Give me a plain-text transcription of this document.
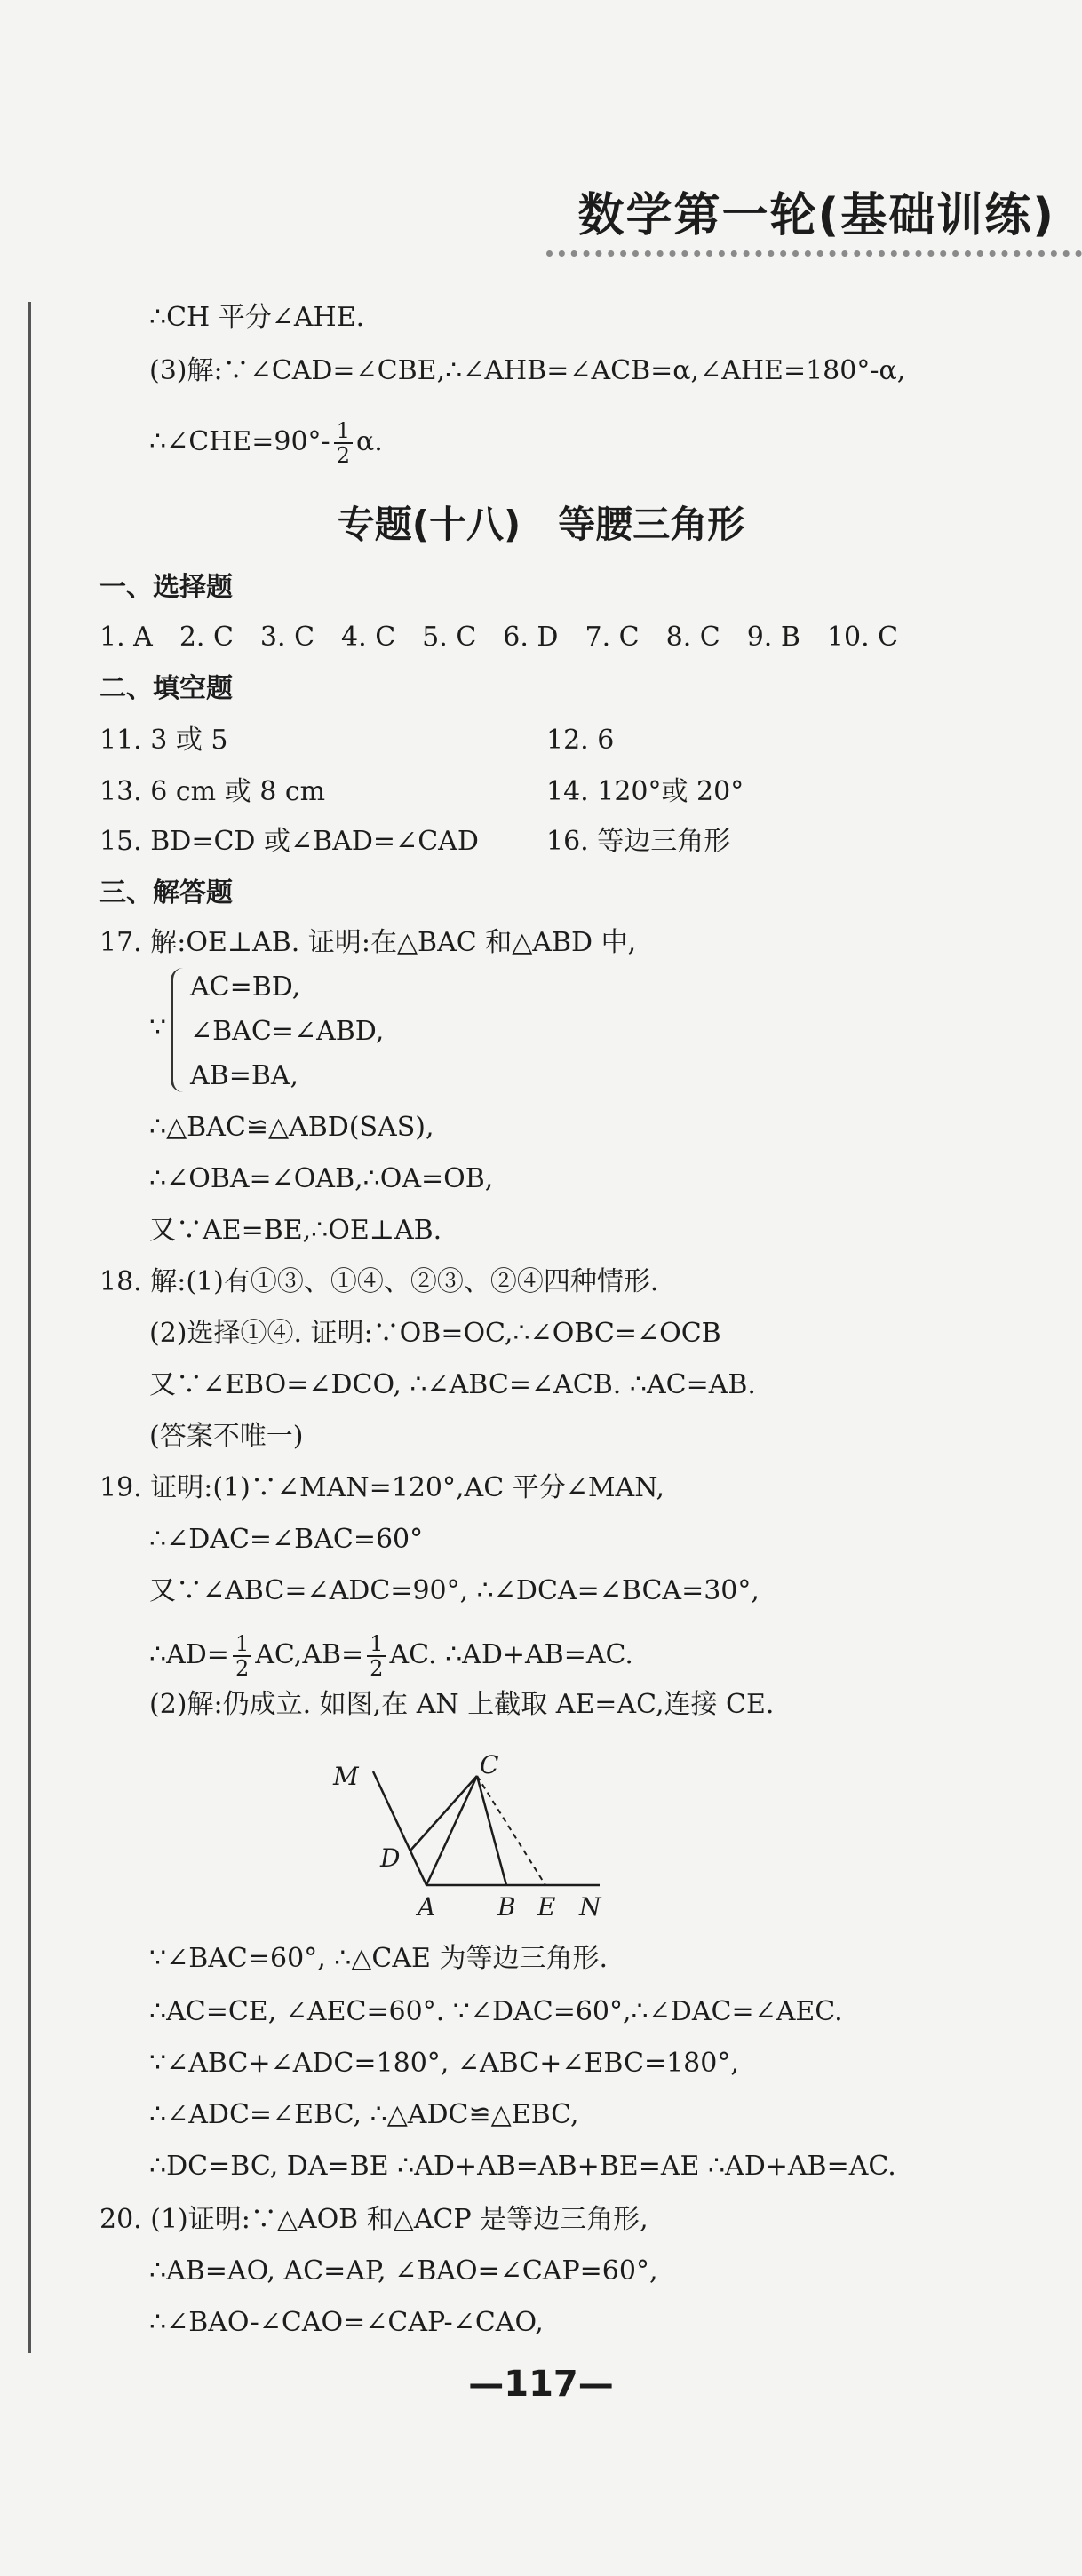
数学第一轮(基础训练)
∴CH 平分∠AHE.
(3)解:∵∠CAD=∠CBE,∴∠AHB=∠ACB=α,∠AHE=180°-α,
∴∠CHE=90°- $\frac{1}{2} \alpha$.
专题(十八)　等腰三角形
一、选择题
1. A　2. C　3. C　4. C　5. C　6. D　7. C　8. C　9. B　10. C
二、填空题
11. 3 或 5	12. 6
13. 6 cm 或 8 cm	14. 120°或 20°
15. BD=CD 或∠BAD=∠CAD	16. 等边三角形
三、解答题
17. 解:OE⊥AB. 证明:在△BAC 和△ABD 中,
∵
AC=BD,
∠BAC=∠ABD,
AB=BA,
∴△BAC≌△ABD(SAS),
∴∠OBA=∠OAB,∴OA=OB,
又∵AE=BE,∴OE⊥AB.
18. 解:(1)有①③、①④、②③、②④四种情形.
(2)选择①④. 证明:∵OB=OC,∴∠OBC=∠OCB
又∵∠EBO=∠DCO, ∴∠ABC=∠ACB. ∴AC=AB.
(答案不唯一)
19. 证明:(1)∵∠MAN=120°,AC 平分∠MAN,
∴∠DAC=∠BAC=60°
又∵∠ABC=∠ADC=90°, ∴∠DCA=∠BCA=30°,
∴AD= $\frac{1}{2} AC,AB= \frac{1}{2}$ AC. ∴AD+AB=AC.
(2)解:仍成立. 如图,在 AN 上截取 AE=AC,连接 CE.
M	C
D
A B E N
∵∠BAC=60°, ∴△CAE 为等边三角形.
∴AC=CE, ∠AEC=60°. ∵∠DAC=60°,∴∠DAC=∠AEC.
∵∠ABC+∠ADC=180°, ∠ABC+∠EBC=180°,
∴∠ADC=∠EBC, ∴△ADC≌△EBC,
∴DC=BC, DA=BE ∴AD+AB=AB+BE=AE ∴AD+AB=AC.
20. (1)证明:∵△AOB 和△ACP 是等边三角形,
∴AB=AO, AC=AP, ∠BAO=∠CAP=60°,
∴∠BAO-∠CAO=∠CAP-∠CAO,
—117—
